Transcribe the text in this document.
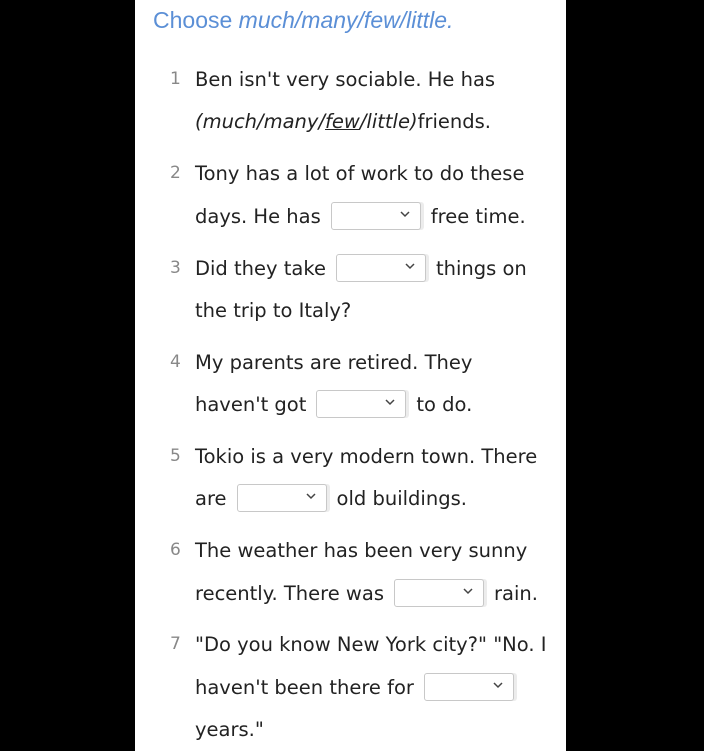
Choose much/many/few/little.
1 Ben isn't very sociable. He has
(much/many/ few /little) friends.
2 Tony has a lot of work to do these
days. He has	free time.
3 Did they take	things on
the trip to Italy?
4 My parents are retired. They
haven't got	to do.
5 Tokio is a very modern town. There
are	old buildings.
6 The weather has been very sunny
recently. There was	rain.
7 "Do you know New York city?" "No. I
haven't been there for
years."
